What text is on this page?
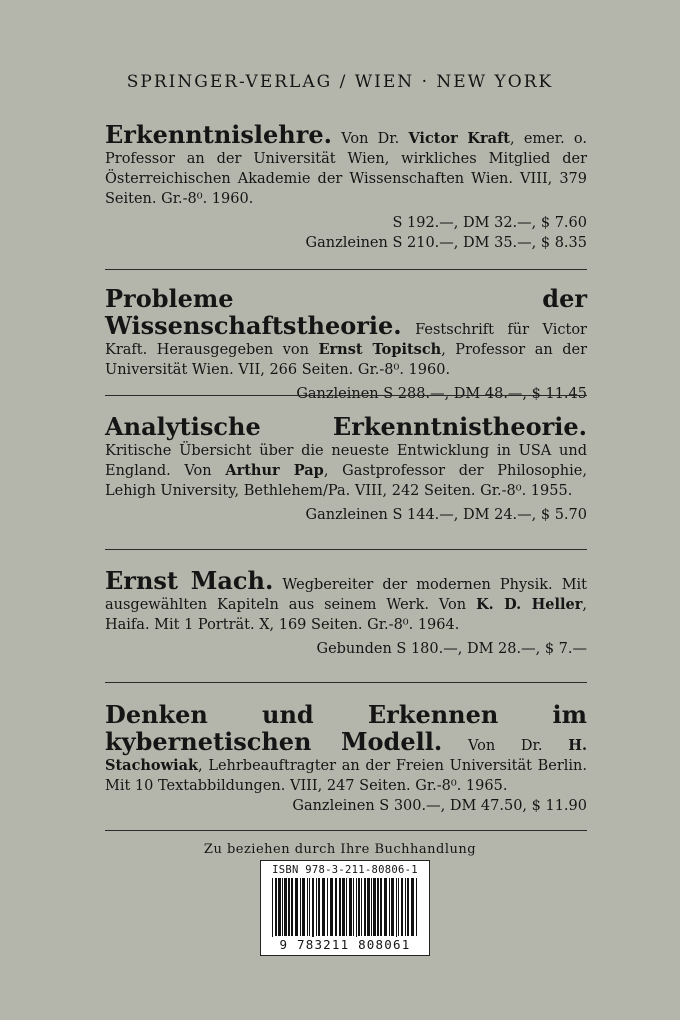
SPRINGER-VERLAG / WIEN · NEW YORK
Erkenntnislehre. Von Dr. Victor Kraft, emer. o. Professor an der Universität Wien, wirkliches Mitglied der Österreichischen Akademie der Wissenschaften Wien. VIII, 379 Seiten. Gr.-8⁰. 1960.
S 192.—, DM 32.—, $ 7.60
Ganzleinen S 210.—, DM 35.—, $ 8.35
Probleme der Wissenschaftstheorie. Festschrift für Victor Kraft. Herausgegeben von Ernst Topitsch, Professor an der Universität Wien. VII, 266 Seiten. Gr.-8⁰. 1960.
Ganzleinen S 288.—, DM 48.—, $ 11.45
Analytische Erkenntnistheorie. Kritische Übersicht über die neueste Entwicklung in USA und England. Von Arthur Pap, Gastprofessor der Philosophie, Lehigh University, Bethlehem/Pa. VIII, 242 Seiten. Gr.-8⁰. 1955.
Ganzleinen S 144.—, DM 24.—, $ 5.70
Ernst Mach. Wegbereiter der modernen Physik. Mit ausgewählten Kapiteln aus seinem Werk. Von K. D. Heller, Haifa. Mit 1 Porträt. X, 169 Seiten. Gr.-8⁰. 1964.
Gebunden S 180.—, DM 28.—, $ 7.—
Denken und Erkennen im kybernetischen Modell. Von Dr. H. Stachowiak, Lehrbeauftragter an der Freien Universität Berlin. Mit 10 Textabbildungen. VIII, 247 Seiten. Gr.-8⁰. 1965.
Ganzleinen S 300.—, DM 47.50, $ 11.90
Zu beziehen durch Ihre Buchhandlung
ISBN 978-3-211-80806-1
9 783211 808061
